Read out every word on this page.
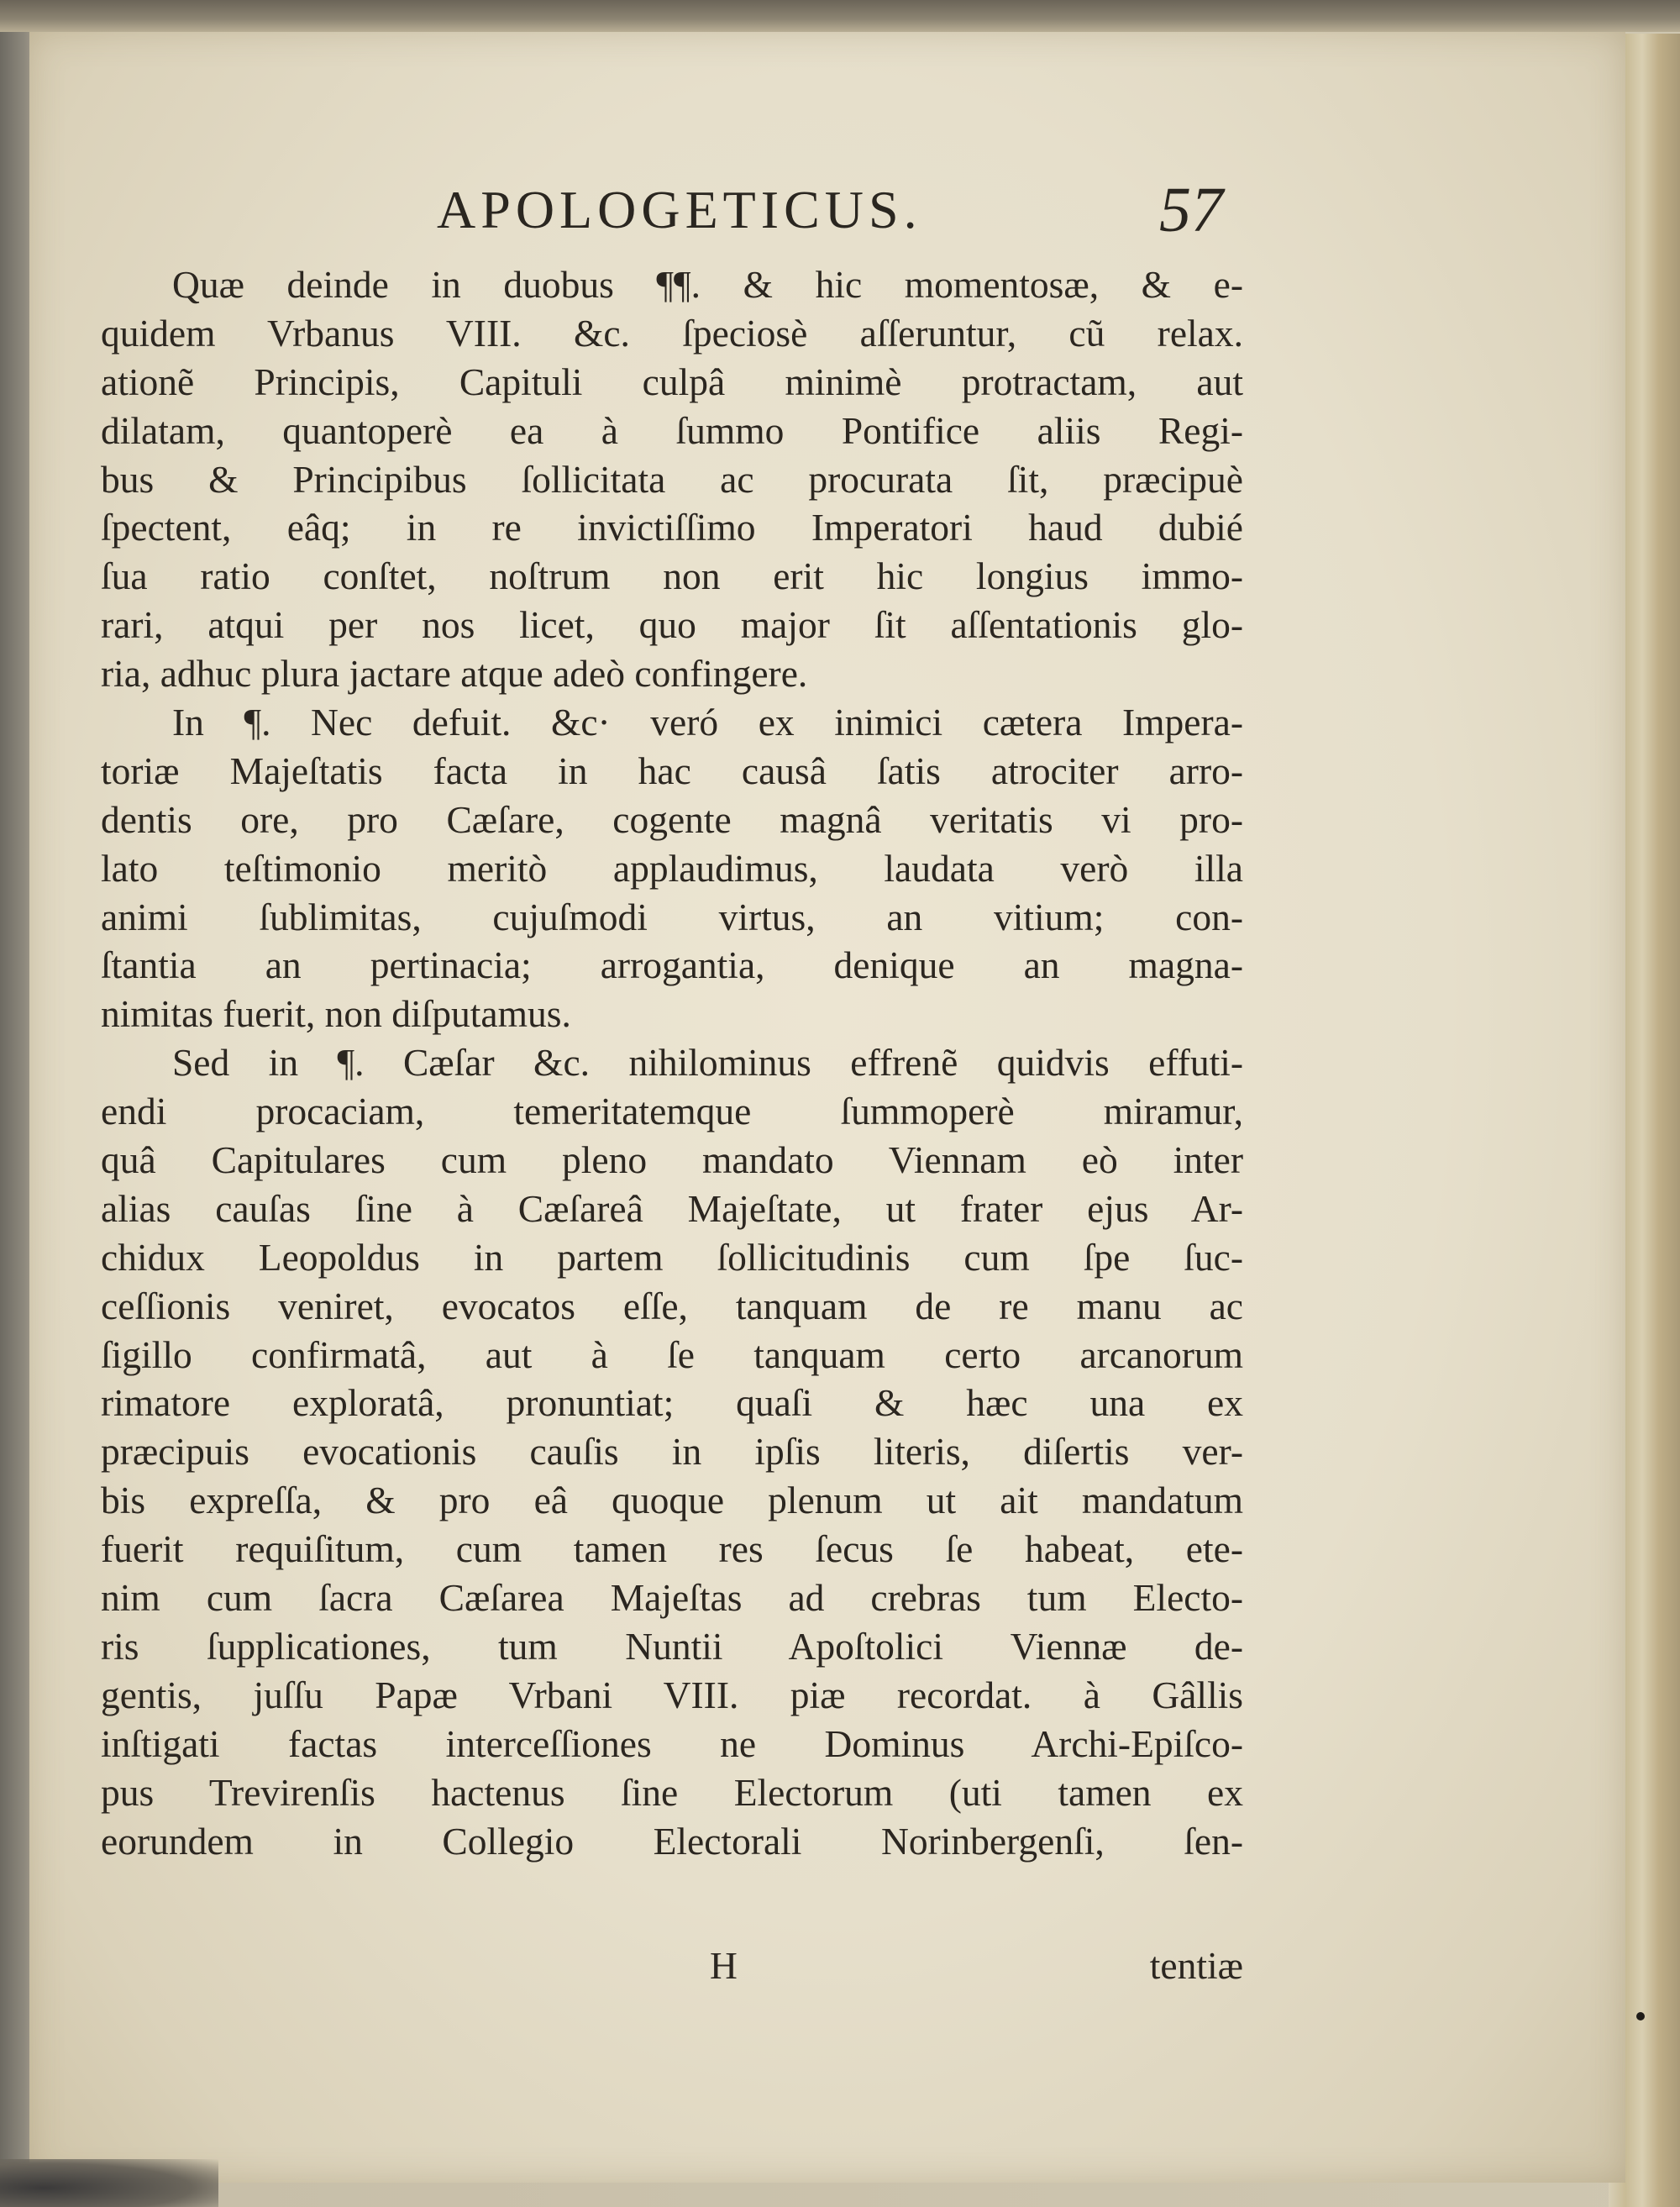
APOLOGETICUS.	57
Quæ deinde in duobus ¶¶. & hic momentosæ, & e-
quidem Vrbanus VIII. &c. ſpeciosè aſſeruntur, cũ relax.
ationẽ Principis, Capituli culpâ minimè protractam, aut
dilatam, quantoperè ea à ſummo Pontifice aliis Regi-
bus & Principibus ſollicitata ac procurata ſit, præcipuè
ſpectent, eâq; in re invictiſſimo Imperatori haud dubié
ſua ratio conſtet, noſtrum non erit hic longius immo-
rari, atqui per nos licet, quo major ſit aſſentationis glo-
ria, adhuc plura jactare atque adeò confingere.
In ¶. Nec defuit. &c· veró ex inimici cætera Impera-
toriæ Majeſtatis facta in hac causâ ſatis atrociter arro-
dentis ore, pro Cæſare, cogente magnâ veritatis vi pro-
lato teſtimonio meritò applaudimus, laudata verò illa
animi ſublimitas, cujuſmodi virtus, an vitium; con-
ſtantia an pertinacia; arrogantia, denique an magna-
nimitas fuerit, non diſputamus.
Sed in ¶. Cæſar &c. nihilominus effrenẽ quidvis effuti-
endi procaciam, temeritatemque ſummoperè miramur,
quâ Capitulares cum pleno mandato Viennam eò inter
alias cauſas ſine à Cæſareâ Majeſtate, ut frater ejus Ar-
chidux Leopoldus in partem ſollicitudinis cum ſpe ſuc-
ceſſionis veniret, evocatos eſſe, tanquam de re manu ac
ſigillo confirmatâ, aut à ſe tanquam certo arcanorum
rimatore exploratâ, pronuntiat; quaſi & hæc una ex
præcipuis evocationis cauſis in ipſis literis, diſertis ver-
bis expreſſa, & pro eâ quoque plenum ut ait mandatum
fuerit requiſitum, cum tamen res ſecus ſe habeat, ete-
nim cum ſacra Cæſarea Majeſtas ad crebras tum Electo-
ris ſupplicationes, tum Nuntii Apoſtolici Viennæ de-
gentis, juſſu Papæ Vrbani VIII. piæ recordat. à Gâllis
inſtigati factas interceſſiones ne Dominus Archi-Epiſco-
pus Trevirenſis hactenus ſine Electorum (uti tamen ex
eorundem in Collegio Electorali Norinbergenſi, ſen-
H	tentiæ
